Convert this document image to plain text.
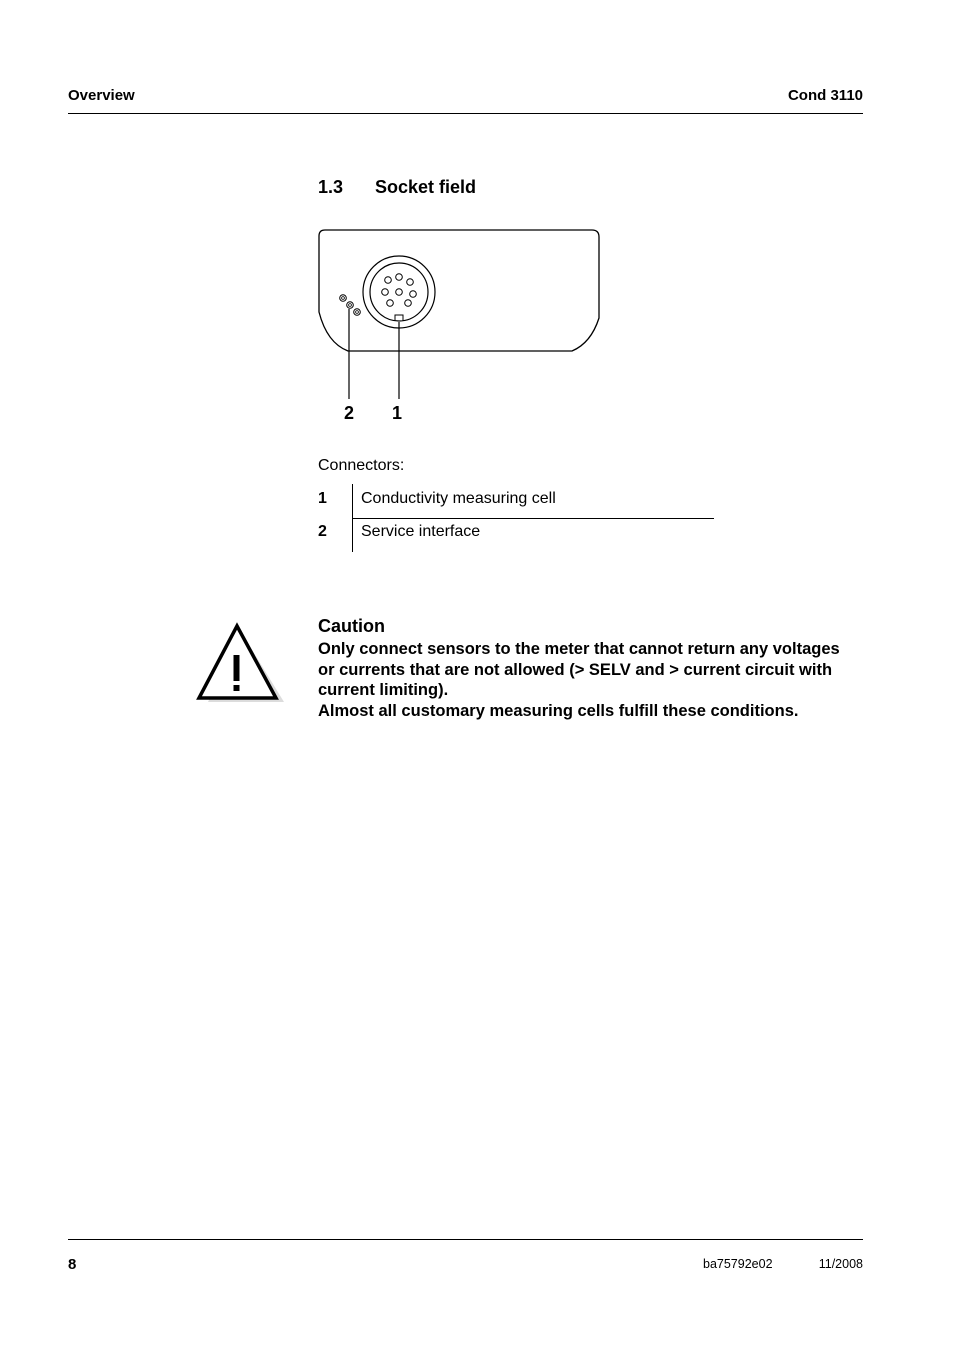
Overview	Cond 3110
1.3 Socket field
2 1
Connectors:
1 Conductivity measuring cell
2 Service interface
Caution
Only connect sensors to the meter that cannot return any voltages
or currents that are not allowed (> SELV and > current circuit with
current limiting).
Almost all customary measuring cells fulfill these conditions.
8	ba75792e02	11/2008
